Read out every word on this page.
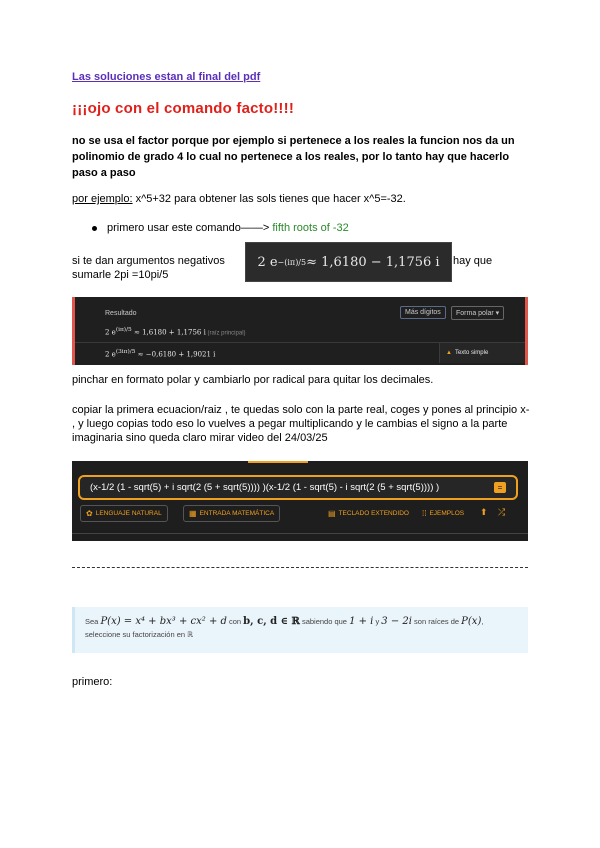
Las soluciones estan al final del pdf
¡¡¡ojo con el comando facto!!!!
no se usa el factor porque por ejemplo si pertenece a los reales la funcion nos da un polinomio de grado 4 lo cual no pertenece a los reales, por lo tanto hay que hacerlo paso a paso
por ejemplo: x^5+32 para obtener las sols tienes que hacer x^5=-32.
primero usar este comando——> fifth roots of -32
si te dan argumentos negativos sumarle 2pi =10pi/5
2 e −(iπ)/5 ≈ 1,6180 − 1,1756 i hay que
Resultado	Más dígitos	Forma polar ▾
2 $e^{(i\pi)/5} \approx 1,6180 + 1,1756$ i (raíz principal)
2 $e^{(3i\pi)/5} \approx -0,6180 + 1,9021$ i	▲ Texto simple
pinchar en formato polar y cambiarlo por radical para quitar los decimales.
copiar la primera ecuacion/raiz , te quedas solo con la parte real, coges y pones al principio x- , y luego copias todo eso lo vuelves a pegar multiplicando y le cambias el signo a la parte imaginaria sino queda claro mirar video del 24/03/25
(x-1/2 (1 - sqrt(5) + i sqrt(2 (5 + sqrt(5)))) )(x-1/2 (1 - sqrt(5) - i sqrt(2 (5 + sqrt(5)))) )	=
✿ LENGUAJE NATURAL	▦ ENTRADA MATEMÁTICA	▤ TECLADO EXTENDIDO ⁞⁞ EJEMPLOS ⬆ ⤮
Sea P(x) = x⁴ + bx³ + cx² + d con b, c, d ∈ ℝ sabiendo que 1 + i y 3 − 2i son raíces de P(x), seleccione su factorización en ℝ
primero:
